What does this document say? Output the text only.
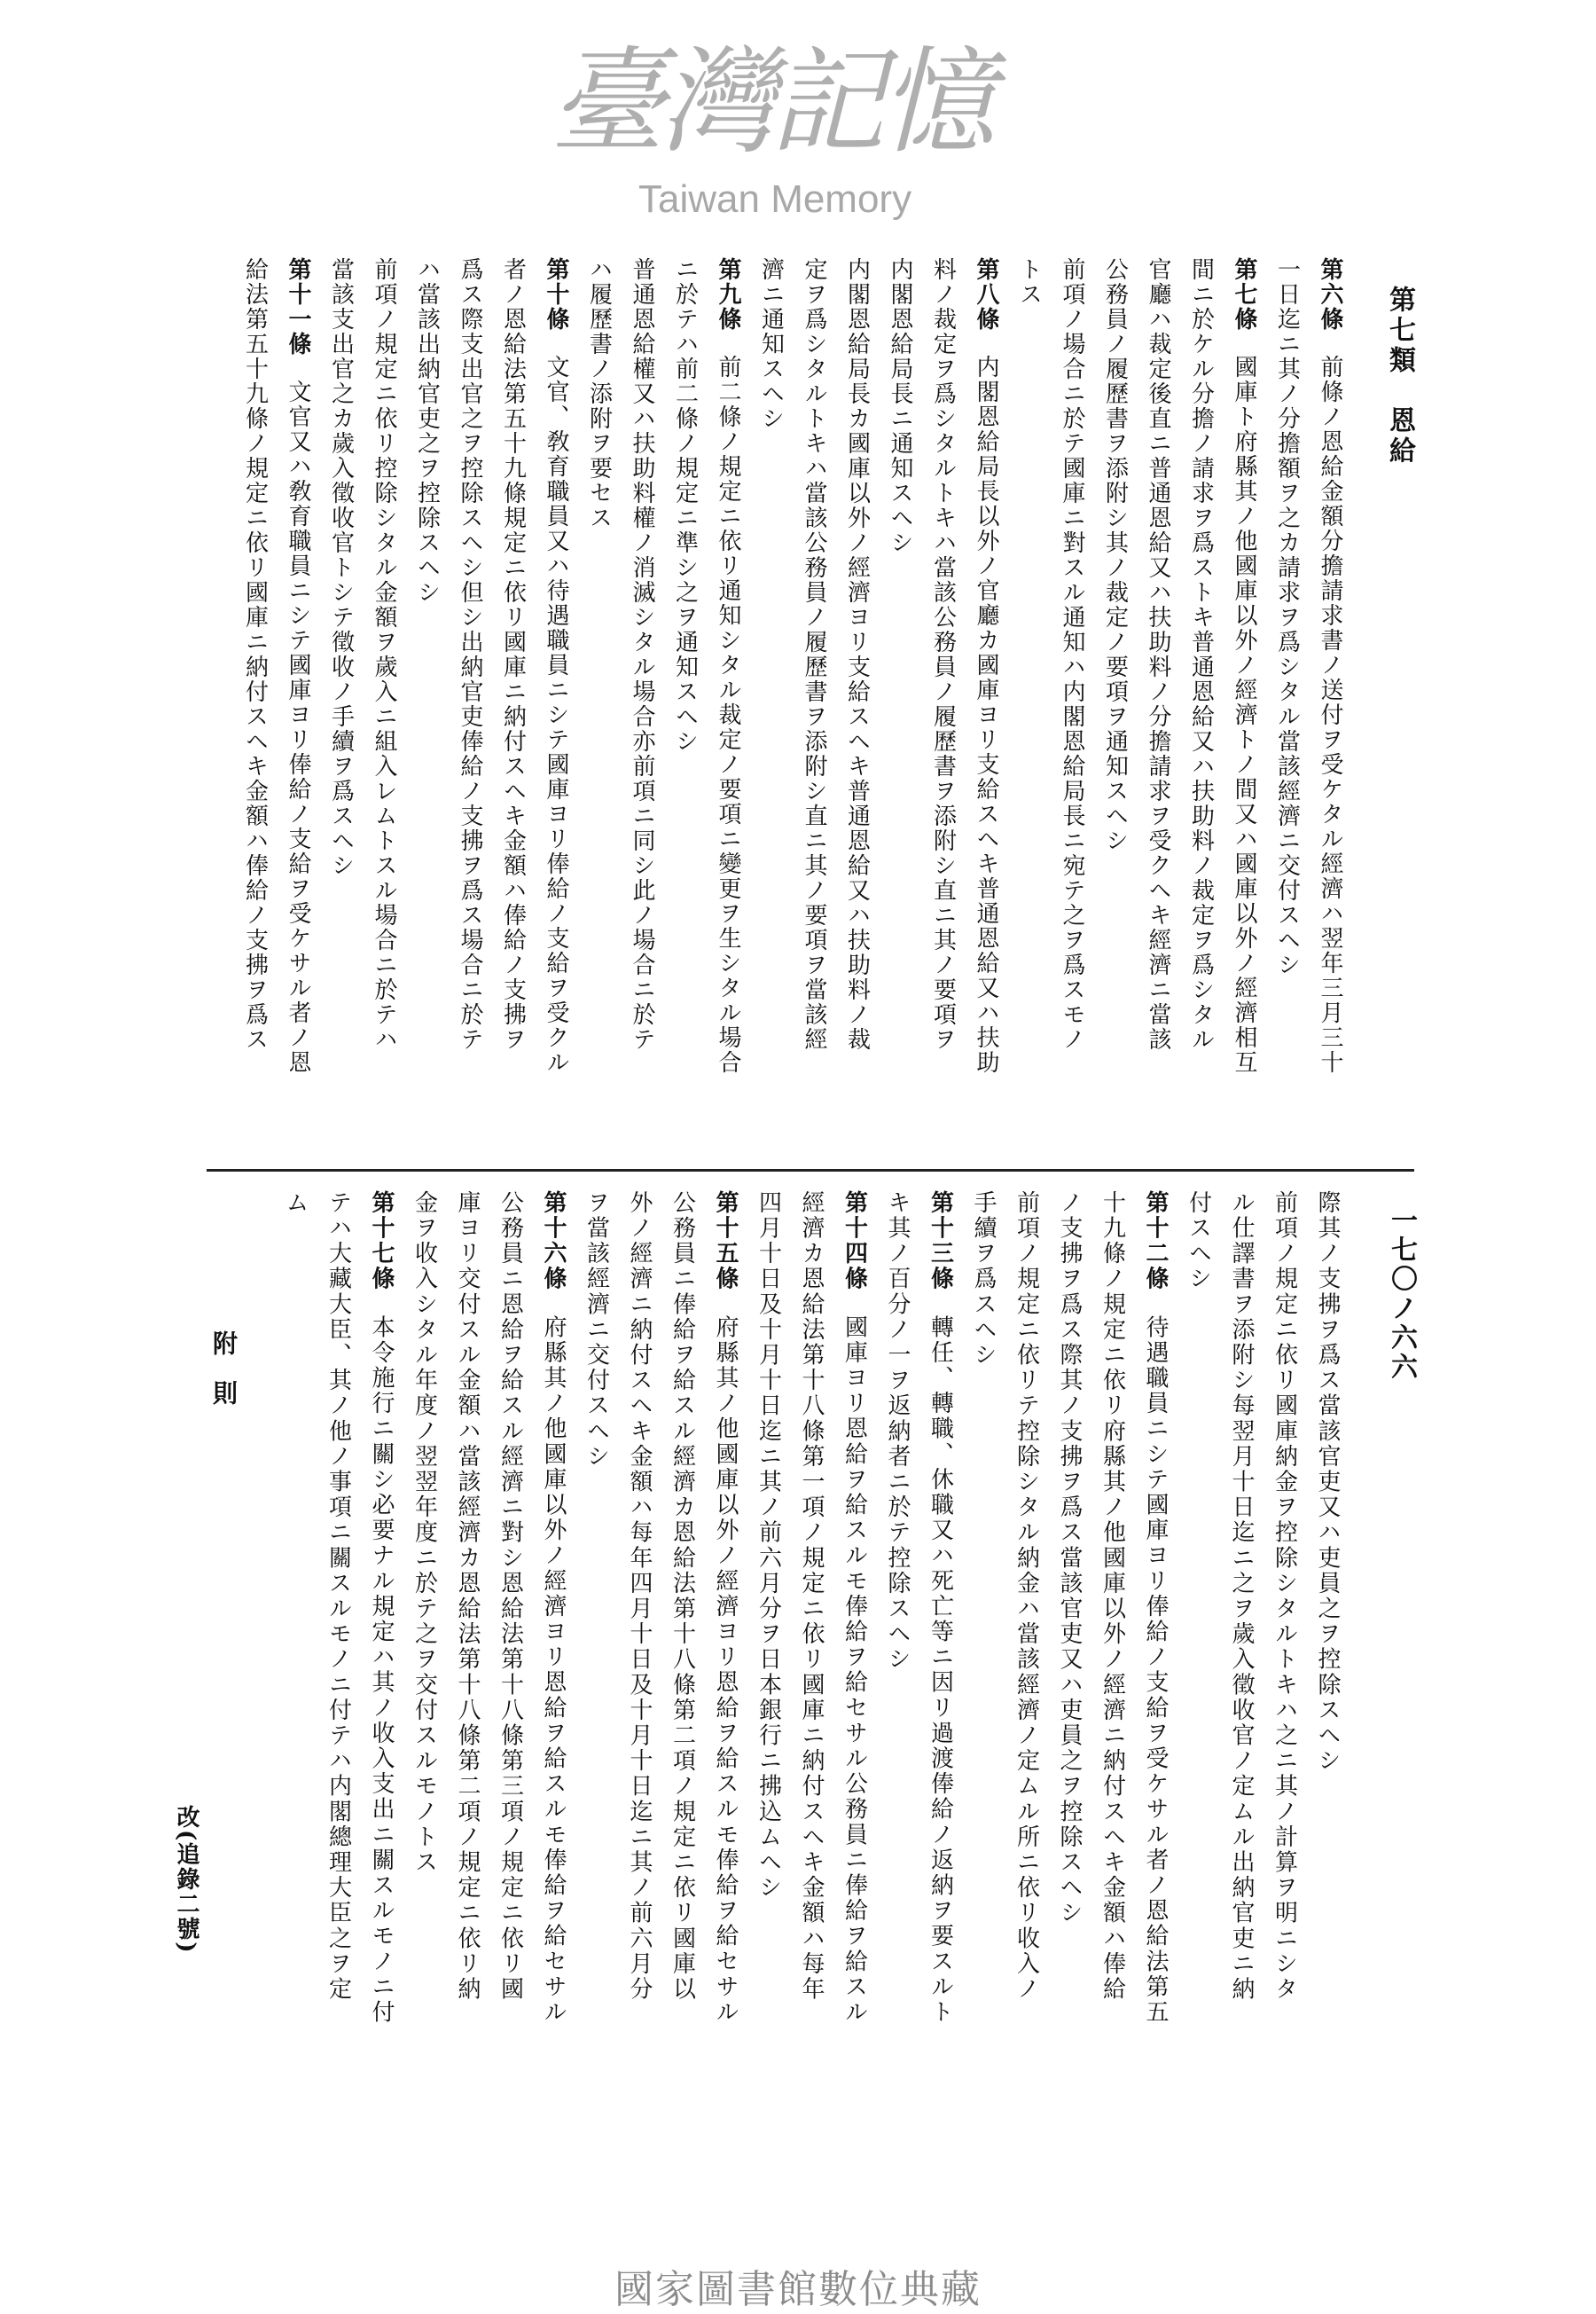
臺灣記憶
Taiwan Memory
第七類　恩給
第六條前條ノ恩給金額分擔請求書ノ送付ヲ受ケタル經濟ハ翌年三月三十
一日迄ニ其ノ分擔額ヲ之カ請求ヲ爲シタル當該經濟ニ交付スヘシ
第七條國庫ト府縣其ノ他國庫以外ノ經濟トノ間又ハ國庫以外ノ經濟相互
間ニ於ケル分擔ノ請求ヲ爲ストキ普通恩給又ハ扶助料ノ裁定ヲ爲シタル
官廳ハ裁定後直ニ普通恩給又ハ扶助料ノ分擔請求ヲ受クヘキ經濟ニ當該
公務員ノ履歷書ヲ添附シ其ノ裁定ノ要項ヲ通知スヘシ
前項ノ場合ニ於テ國庫ニ對スル通知ハ内閣恩給局長ニ宛テ之ヲ爲スモノ
トス
第八條内閣恩給局長以外ノ官廳カ國庫ヨリ支給スヘキ普通恩給又ハ扶助
料ノ裁定ヲ爲シタルトキハ當該公務員ノ履歷書ヲ添附シ直ニ其ノ要項ヲ
内閣恩給局長ニ通知スヘシ
内閣恩給局長カ國庫以外ノ經濟ヨリ支給スヘキ普通恩給又ハ扶助料ノ裁
定ヲ爲シタルトキハ當該公務員ノ履歷書ヲ添附シ直ニ其ノ要項ヲ當該經
濟ニ通知スヘシ
第九條前二條ノ規定ニ依リ通知シタル裁定ノ要項ニ變更ヲ生シタル場合
ニ於テハ前二條ノ規定ニ準シ之ヲ通知スヘシ
普通恩給權又ハ扶助料權ノ消滅シタル場合亦前項ニ同シ此ノ場合ニ於テ
ハ履歷書ノ添附ヲ要セス
第十條文官、敎育職員又ハ待遇職員ニシテ國庫ヨリ俸給ノ支給ヲ受クル
者ノ恩給法第五十九條規定ニ依リ國庫ニ納付スヘキ金額ハ俸給ノ支拂ヲ
爲ス際支出官之ヲ控除スヘシ但シ出納官吏俸給ノ支拂ヲ爲ス場合ニ於テ
ハ當該出納官吏之ヲ控除スヘシ
前項ノ規定ニ依リ控除シタル金額ヲ歲入ニ組入レムトスル場合ニ於テハ
當該支出官之カ歲入徵收官トシテ徵收ノ手續ヲ爲スヘシ
第十一條文官又ハ敎育職員ニシテ國庫ヨリ俸給ノ支給ヲ受ケサル者ノ恩
給法第五十九條ノ規定ニ依リ國庫ニ納付スヘキ金額ハ俸給ノ支拂ヲ爲ス
一七〇ノ六六
際其ノ支拂ヲ爲ス當該官吏又ハ吏員之ヲ控除スヘシ
前項ノ規定ニ依リ國庫納金ヲ控除シタルトキハ之ニ其ノ計算ヲ明ニシタ
ル仕譯書ヲ添附シ每翌月十日迄ニ之ヲ歲入徵收官ノ定ムル出納官吏ニ納
付スヘシ
第十二條待遇職員ニシテ國庫ヨリ俸給ノ支給ヲ受ケサル者ノ恩給法第五
十九條ノ規定ニ依リ府縣其ノ他國庫以外ノ經濟ニ納付スヘキ金額ハ俸給
ノ支拂ヲ爲ス際其ノ支拂ヲ爲ス當該官吏又ハ吏員之ヲ控除スヘシ
前項ノ規定ニ依リテ控除シタル納金ハ當該經濟ノ定ムル所ニ依リ收入ノ
手續ヲ爲スヘシ
第十三條轉任、轉職、休職又ハ死亡等ニ因リ過渡俸給ノ返納ヲ要スルト
キ其ノ百分ノ一ヲ返納者ニ於テ控除スヘシ
第十四條國庫ヨリ恩給ヲ給スルモ俸給ヲ給セサル公務員ニ俸給ヲ給スル
經濟カ恩給法第十八條第一項ノ規定ニ依リ國庫ニ納付スヘキ金額ハ每年
四月十日及十月十日迄ニ其ノ前六月分ヲ日本銀行ニ拂込ムヘシ
第十五條府縣其ノ他國庫以外ノ經濟ヨリ恩給ヲ給スルモ俸給ヲ給セサル
公務員ニ俸給ヲ給スル經濟カ恩給法第十八條第二項ノ規定ニ依リ國庫以
外ノ經濟ニ納付スヘキ金額ハ每年四月十日及十月十日迄ニ其ノ前六月分
ヲ當該經濟ニ交付スヘシ
第十六條府縣其ノ他國庫以外ノ經濟ヨリ恩給ヲ給スルモ俸給ヲ給セサル
公務員ニ恩給ヲ給スル經濟ニ對シ恩給法第十八條第三項ノ規定ニ依リ國
庫ヨリ交付スル金額ハ當該經濟カ恩給法第十八條第二項ノ規定ニ依リ納
金ヲ收入シタル年度ノ翌翌年度ニ於テ之ヲ交付スルモノトス
第十七條本令施行ニ關シ必要ナル規定ハ其ノ收入支出ニ關スルモノニ付
テハ大藏大臣、其ノ他ノ事項ニ關スルモノニ付テハ内閣總理大臣之ヲ定
ム
附則
改(追錄二號)
國家圖書館數位典藏
